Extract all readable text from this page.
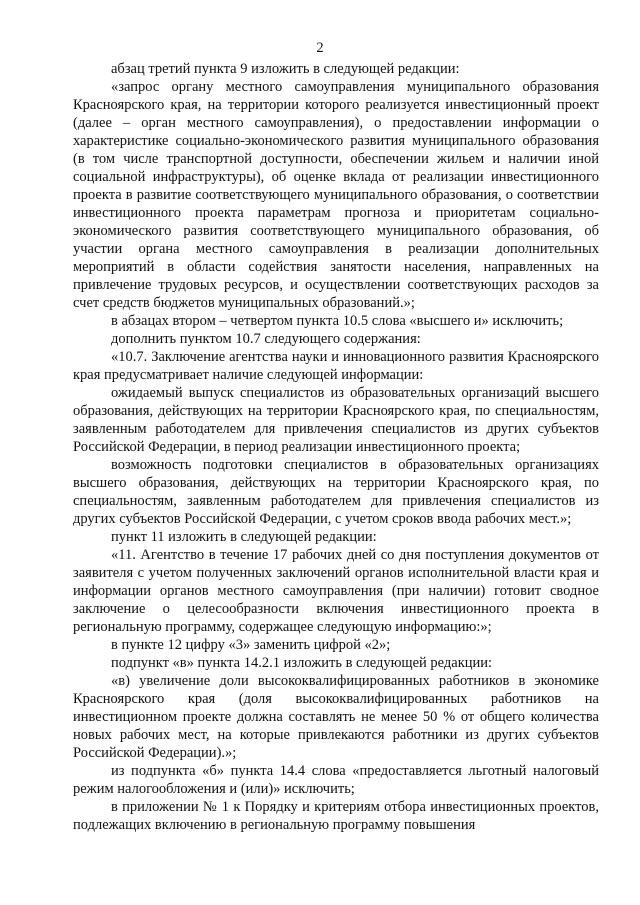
2

абзац третий пункта 9 изложить в следующей редакции:

«запрос органу местного самоуправления муниципального образования Красноярского края, на территории которого реализуется инвестиционный проект (далее – орган местного самоуправления), о предоставлении информации о характеристике социально-экономического развития муниципального образования (в том числе транспортной доступности, обеспечении жильем и наличии иной социальной инфраструктуры), об оценке вклада от реализации инвестиционного проекта в развитие соответствующего муниципального образования, о соответствии инвестиционного проекта параметрам прогноза и приоритетам социально-экономического развития соответствующего муниципального образования, об участии органа местного самоуправления в реализации дополнительных мероприятий в области содействия занятости населения, направленных на привлечение трудовых ресурсов, и осуществлении соответствующих расходов за счет средств бюджетов муниципальных образований.»;

в абзацах втором – четвертом пункта 10.5 слова «высшего и» исключить;

дополнить пунктом 10.7 следующего содержания:

«10.7. Заключение агентства науки и инновационного развития Красноярского края предусматривает наличие следующей информации:

ожидаемый выпуск специалистов из образовательных организаций высшего образования, действующих на территории Красноярского края, по специальностям, заявленным работодателем для привлечения специалистов из других субъектов Российской Федерации, в период реализации инвестиционного проекта;

возможность подготовки специалистов в образовательных организациях высшего образования, действующих на территории Красноярского края, по специальностям, заявленным работодателем для привлечения специалистов из других субъектов Российской Федерации, с учетом сроков ввода рабочих мест.»;

пункт 11 изложить в следующей редакции:

«11. Агентство в течение 17 рабочих дней со дня поступления документов от заявителя с учетом полученных заключений органов исполнительной власти края и информации органов местного самоуправления (при наличии) готовит сводное заключение о целесообразности включения инвестиционного проекта в региональную программу, содержащее следующую информацию:»;

в пункте 12 цифру «3» заменить цифрой «2»;

подпункт «в» пункта 14.2.1 изложить в следующей редакции:

«в) увеличение доли высококвалифицированных работников в экономике Красноярского края (доля высококвалифицированных работников на инвестиционном проекте должна составлять не менее 50 % от общего количества новых рабочих мест, на которые привлекаются работники из других субъектов Российской Федерации).»;

из подпункта «б» пункта 14.4 слова «предоставляется льготный налоговый режим налогообложения и (или)» исключить;

в приложении № 1 к Порядку и критериям отбора инвестиционных проектов, подлежащих включению в региональную программу повышения
